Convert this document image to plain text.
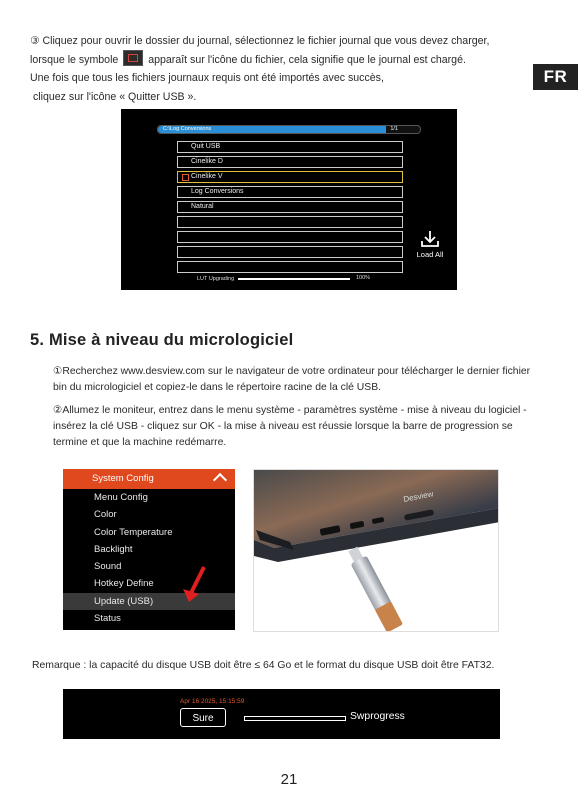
③ Cliquez pour ouvrir le dossier du journal, sélectionnez le fichier journal que vous devez charger,

lorsque le symbole	apparaît sur l'icône du fichier, cela signifie que le journal est chargé.

Une fois que tous les fichiers journaux requis ont été importés avec succès,

cliquez sur l'icône « Quitter USB ».

FR
C:\Log Conversions	1/1
Quit USB
Cinelike D
Cinelike V
Log Conversions
Natural
Load All
LUT Upgrading	100%
5. Mise à niveau du micrologiciel

①Recherchez www.desview.com sur le navigateur de votre ordinateur pour télécharger le dernier fichier bin du micrologiciel et copiez-le dans le répertoire racine de la clé USB.

②Allumez le moniteur, entrez dans le menu système - paramètres système - mise à niveau du logiciel - insérez la clé USB - cliquez sur OK - la mise à niveau est réussie lorsque la barre de progression se termine et que la machine redémarre.

System Config
Menu Config
Color
Color Temperature
Backlight
Sound
Hotkey Define
Update (USB)
Status
Desview

Remarque : la capacité du disque USB doit être ≤ 64 Go et le format du disque USB doit être FAT32.

Apr 16 2025, 15:15:59
Sure	Swprogress
21
